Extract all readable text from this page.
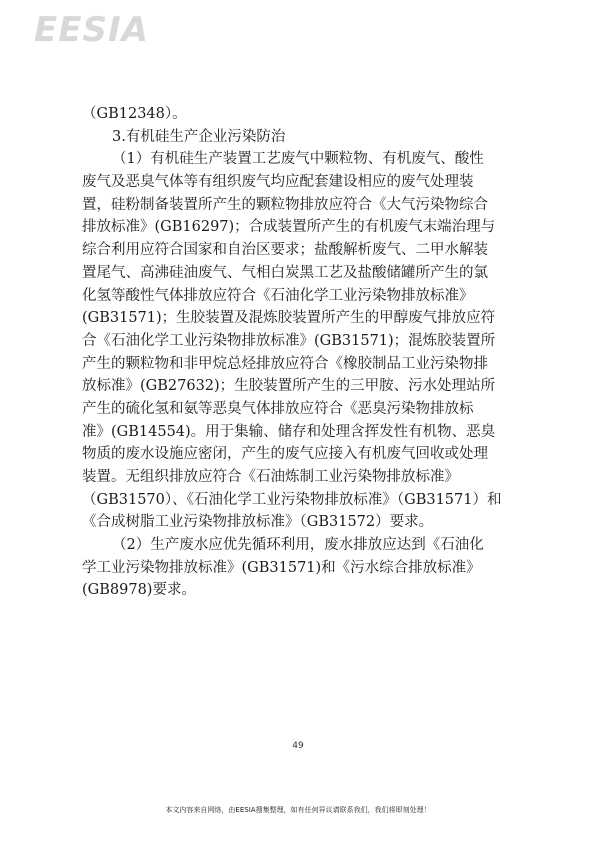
EESIA
（GB12348）。
3.有机硅生产企业污染防治
（1）有机硅生产装置工艺废气中颗粒物、有机废气、酸性
废气及恶臭气体等有组织废气均应配套建设相应的废气处理装
置，硅粉制备装置所产生的颗粒物排放应符合《大气污染物综合
排放标准》(GB16297)；合成装置所产生的有机废气末端治理与
综合利用应符合国家和自治区要求；盐酸解析废气、二甲水解装
置尾气、高沸硅油废气、气相白炭黑工艺及盐酸储罐所产生的氯
化氢等酸性气体排放应符合《石油化学工业污染物排放标准》
(GB31571)；生胶装置及混炼胶装置所产生的甲醇废气排放应符
合《石油化学工业污染物排放标准》(GB31571)；混炼胶装置所
产生的颗粒物和非甲烷总烃排放应符合《橡胶制品工业污染物排
放标准》(GB27632)；生胶装置所产生的三甲胺、污水处理站所
产生的硫化氢和氨等恶臭气体排放应符合《恶臭污染物排放标
准》(GB14554)。用于集输、储存和处理含挥发性有机物、恶臭
物质的废水设施应密闭，产生的废气应接入有机废气回收或处理
装置。无组织排放应符合《石油炼制工业污染物排放标准》
（GB31570）、《石油化学工业污染物排放标准》（GB31571）和
《合成树脂工业污染物排放标准》（GB31572）要求。
（2）生产废水应优先循环利用，废水排放应达到《石油化
学工业污染物排放标准》(GB31571)和《污水综合排放标准》
(GB8978)要求。
49
本文内容来自网络，由EESIA搜集整理，如有任何异议请联系我们，我们将即刻处理！
